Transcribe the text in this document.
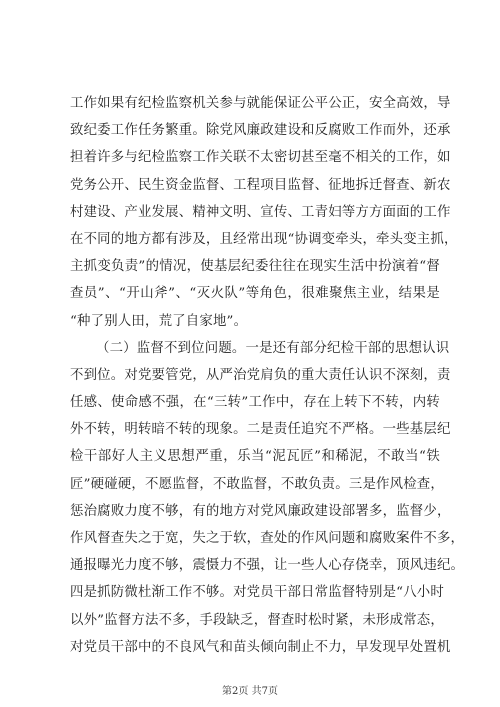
工作如果有纪检监察机关参与就能保证公平公正，安全高效，导
致纪委工作任务繁重。除党风廉政建设和反腐败工作而外，还承
担着许多与纪检监察工作关联不太密切甚至毫不相关的工作，如
党务公开、民生资金监督、工程项目监督、征地拆迁督查、新农
村建设、产业发展、精神文明、宣传、工青妇等方方面面的工作
在不同的地方都有涉及，且经常出现“协调变牵头，牵头变主抓，
主抓变负责”的情况，使基层纪委往往在现实生活中扮演着“督
查员”、“开山斧”、“灭火队”等角色，很难聚焦主业，结果是
“种了别人田，荒了自家地”。
（二）监督不到位问题。一是还有部分纪检干部的思想认识
不到位。对党要管党，从严治党肩负的重大责任认识不深刻，责
任感、使命感不强，在“三转”工作中，存在上转下不转，内转
外不转，明转暗不转的现象。二是责任追究不严格。一些基层纪
检干部好人主义思想严重，乐当“泥瓦匠”和稀泥，不敢当“铁
匠”硬碰硬，不愿监督，不敢监督，不敢负责。三是作风检查，
惩治腐败力度不够，有的地方对党风廉政建设部署多，监督少，
作风督查失之于宽，失之于软，查处的作风问题和腐败案件不多，
通报曝光力度不够，震慑力不强，让一些人心存侥幸，顶风违纪。
四是抓防微杜渐工作不够。对党员干部日常监督特别是“八小时
以外”监督方法不多，手段缺乏，督查时松时紧，未形成常态，
对党员干部中的不良风气和苗头倾向制止不力，早发现早处置机
第2页 共7页
